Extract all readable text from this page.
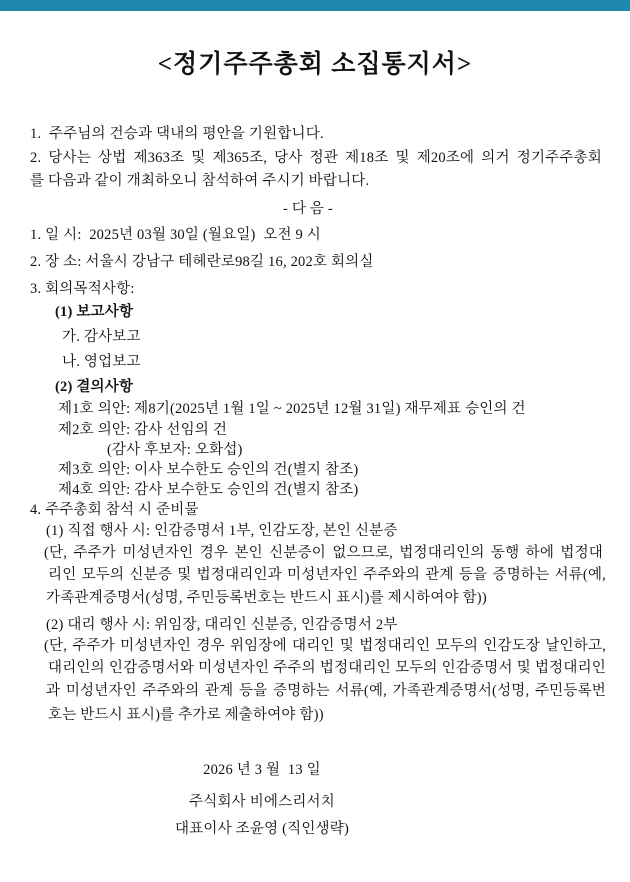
<정기주주총회 소집통지서>
1.  주주님의 건승과 댁내의 평안을 기원합니다.
2. 당사는 상법 제363조 및 제365조, 당사 정관 제18조 및 제20조에 의거 정기주주총회
를 다음과 같이 개최하오니 참석하여 주시기 바랍니다.
- 다 음 -
1. 일 시:  2025년 03월 30일 (월요일)  오전 9 시
2. 장 소: 서울시 강남구 테헤란로98길 16, 202호 회의실
3. 회의목적사항:
(1) 보고사항
가. 감사보고
나. 영업보고
(2) 결의사항
제1호 의안: 제8기(2025년 1월 1일 ~ 2025년 12월 31일) 재무제표 승인의 건
제2호 의안: 감사 선임의 건
(감사 후보자: 오화섭)
제3호 의안: 이사 보수한도 승인의 건(별지 참조)
제4호 의안: 감사 보수한도 승인의 건(별지 참조)
4. 주주총회 참석 시 준비물
(1) 직접 행사 시: 인감증명서 1부, 인감도장, 본인 신분증
(단, 주주가 미성년자인 경우 본인 신분증이 없으므로, 법정대리인의 동행 하에 법정대
리인 모두의 신분증 및 법정대리인과 미성년자인 주주와의 관계 등을 증명하는 서류(예,
가족관계증명서(성명, 주민등록번호는 반드시 표시)를 제시하여야 함))
(2) 대리 행사 시: 위임장, 대리인 신분증, 인감증명서 2부
(단, 주주가 미성년자인 경우 위임장에 대리인 및 법정대리인 모두의 인감도장 날인하고,
대리인의 인감증명서와 미성년자인 주주의 법정대리인 모두의 인감증명서 및 법정대리인
과 미성년자인 주주와의 관계 등을 증명하는 서류(예, 가족관계증명서(성명, 주민등록번
호는 반드시 표시)를 추가로 제출하여야 함))
2026 년 3 월  13 일
주식회사 비에스리서치
대표이사 조윤영 (직인생략)
